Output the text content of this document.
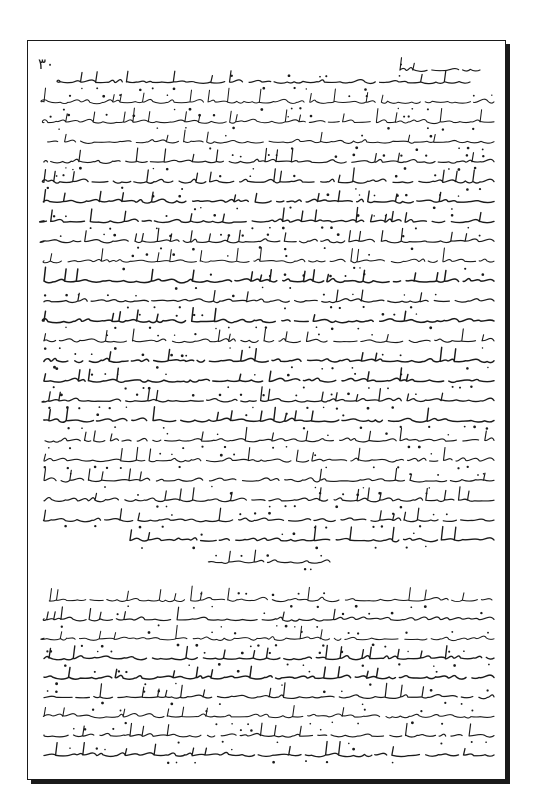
٣٠
